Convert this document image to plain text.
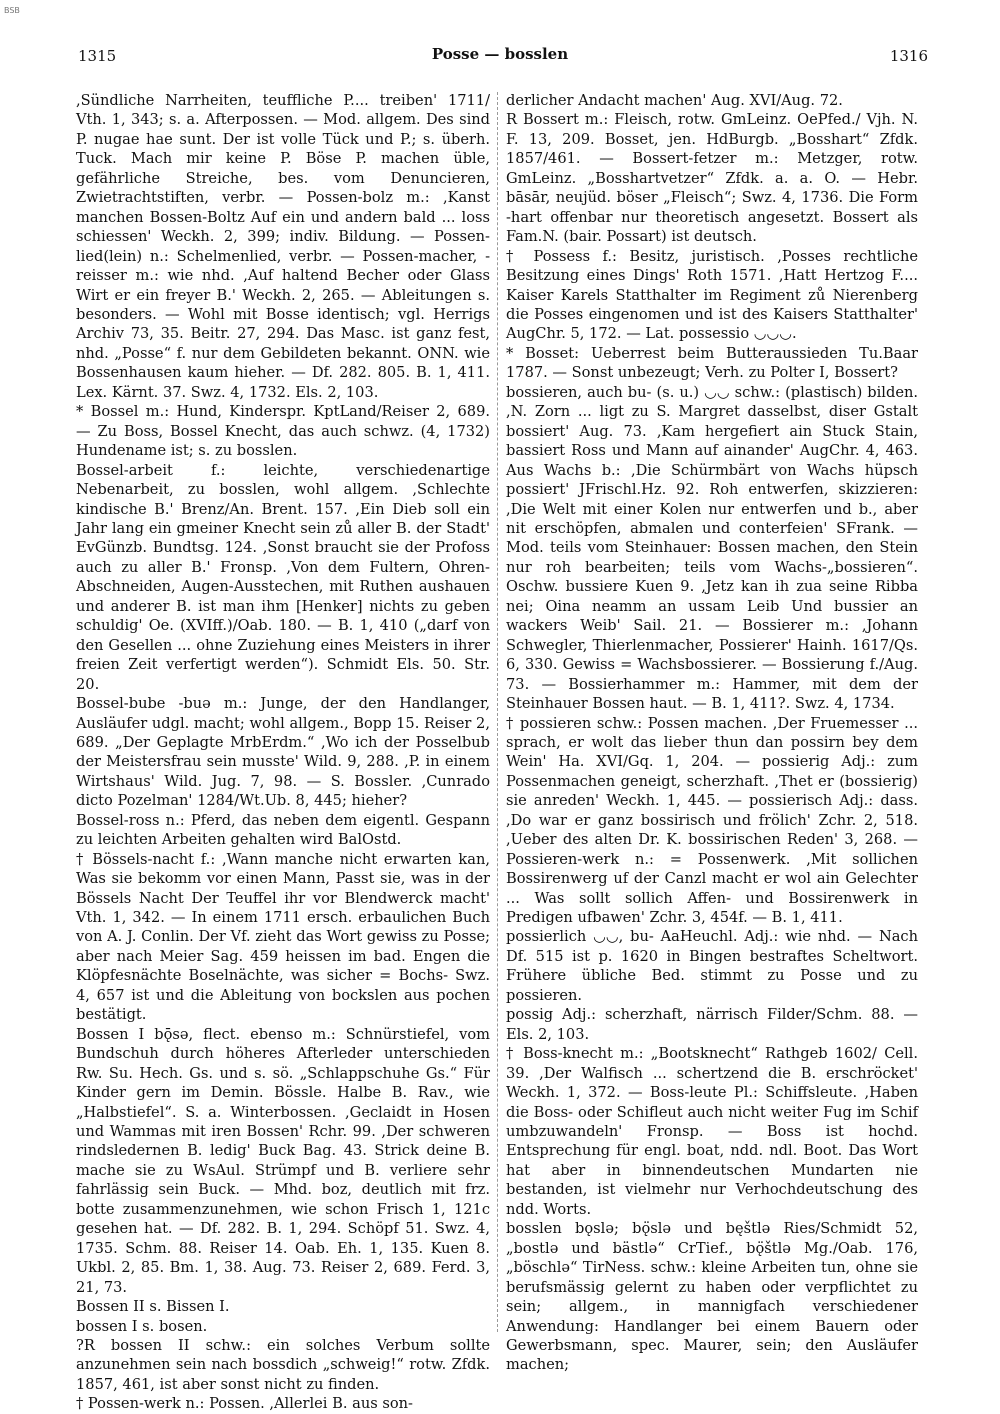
BSB
1315	Posse — bosslen	1316

,Sündliche Narrheiten, teuffliche P.... treiben' 1711/ Vth. 1, 343; s. a. Afterpossen. — Mod. allgem. Des sind P. nugae hae sunt. Der ist volle Tück und P.; s. überh. Tuck. Mach mir keine P. Böse P. machen üble, gefährliche Streiche, bes. vom Denuncieren, Zwietrachtstiften, verbr. — Possen-bolz m.: ,Kanst manchen Bossen-Boltz Auf ein und andern bald ... loss schiessen' Weckh. 2, 399; indiv. Bildung. — Possen-lied(lein) n.: Schelmenlied, verbr. — Possen-macher, -reisser m.: wie nhd. ,Auf haltend Becher oder Glass Wirt er ein freyer B.' Weckh. 2, 265. — Ableitungen s. besonders. — Wohl mit Bosse identisch; vgl. Herrigs Archiv 73, 35. Beitr. 27, 294. Das Masc. ist ganz fest, nhd. „Posse“ f. nur dem Gebildeten bekannt. ONN. wie Bossenhausen kaum hieher. — Df. 282. 805. B. 1, 411. Lex. Kärnt. 37. Swz. 4, 1732. Els. 2, 103.

* Bossel m.: Hund, Kinderspr. KptLand/Reiser 2, 689. — Zu Boss, Bossel Knecht, das auch schwz. (4, 1732) Hundename ist; s. zu bosslen.

Bossel-arbeit f.: leichte, verschiedenartige Nebenarbeit, zu bosslen, wohl allgem. ,Schlechte kindische B.' Brenz/An. Brent. 157. ,Ein Dieb soll ein Jahr lang ein gmeiner Knecht sein zů aller B. der Stadt' EvGünzb. Bundtsg. 124. ,Sonst braucht sie der Profoss auch zu aller B.' Fronsp. ,Von dem Fultern, Ohren-Abschneiden, Augen-Ausstechen, mit Ruthen aushauen und anderer B. ist man ihm [Henker] nichts zu geben schuldig' Oe. (XVIff.)/Oab. 180. — B. 1, 410 („darf von den Gesellen ... ohne Zuziehung eines Meisters in ihrer freien Zeit verfertigt werden“). Schmidt Els. 50. Str. 20.

Bossel-bube -buə m.: Junge, der den Handlanger, Ausläufer udgl. macht; wohl allgem., Bopp 15. Reiser 2, 689. „Der Geplagte MrbErdm.“ ,Wo ich der Posselbub der Meistersfrau sein musste' Wild. 9, 288. ,P. in einem Wirtshaus' Wild. Jug. 7, 98. — S. Bossler. ,Cunrado dicto Pozelman' 1284/Wt.Ub. 8, 445; hieher?

Bossel-ross n.: Pferd, das neben dem eigentl. Gespann zu leichten Arbeiten gehalten wird BalOstd.

† Bössels-nacht f.: ,Wann manche nicht erwarten kan, Was sie bekomm vor einen Mann, Passt sie, was in der Bössels Nacht Der Teuffel ihr vor Blendwerck macht' Vth. 1, 342. — In einem 1711 ersch. erbaulichen Buch von A. J. Conlin. Der Vf. zieht das Wort gewiss zu Posse; aber nach Meier Sag. 459 heissen im bad. Engen die Klöpfesnächte Boselnächte, was sicher = Bochs- Swz. 4, 657 ist und die Ableitung von bockslen aus pochen bestätigt.

Bossen I bǭsə, flect. ebenso m.: Schnürstiefel, vom Bundschuh durch höheres Afterleder unterschieden Rw. Su. Hech. Gs. und s. sö. „Schlappschuhe Gs.“ Für Kinder gern im Demin. Bössle. Halbe B. Rav., wie „Halbstiefel“. S. a. Winterbossen. ,Geclaidt in Hosen und Wammas mit iren Bossen' Rchr. 99. ,Der schweren rindsledernen B. ledig' Buck Bag. 43. Strick deine B. mache sie zu WsAul. Strümpf und B. verliere sehr fahrlässig sein Buck. — Mhd. boz, deutlich mit frz. botte zusammenzunehmen, wie schon Frisch 1, 121c gesehen hat. — Df. 282. B. 1, 294. Schöpf 51. Swz. 4, 1735. Schm. 88. Reiser 14. Oab. Eh. 1, 135. Kuen 8. Ukbl. 2, 85. Bm. 1, 38. Aug. 73. Reiser 2, 689. Ferd. 3, 21, 73.

Bossen II s. Bissen I.

bossen I s. bosen.

?R bossen II schw.: ein solches Verbum sollte anzunehmen sein nach bossdich „schweig!“ rotw. Zfdk. 1857, 461, ist aber sonst nicht zu finden.

† Possen-werk n.: Possen. ,Allerlei B. aus son-

derlicher Andacht machen' Aug. XVI/Aug. 72.

R Bossert m.: Fleisch, rotw. GmLeinz. OePfed./ Vjh. N. F. 13, 209. Bosset, jen. HdBurgb. „Bosshart“ Zfdk. 1857/461. — Bossert-fetzer m.: Metzger, rotw. GmLeinz. „Bosshartvetzer“ Zfdk. a. a. O. — Hebr. bāsār, neujüd. böser „Fleisch“; Swz. 4, 1736. Die Form -hart offenbar nur theoretisch angesetzt. Bossert als Fam.N. (bair. Possart) ist deutsch.

† Possess f.: Besitz, juristisch. ,Posses rechtliche Besitzung eines Dings' Roth 1571. ,Hatt Hertzog F.... Kaiser Karels Statthalter im Regiment zů Nierenberg die Posses eingenomen und ist des Kaisers Statthalter' AugChr. 5, 172. — Lat. possessio ◡◡◡.

* Bosset: Ueberrest beim Butteraussieden Tu.Baar 1787. — Sonst unbezeugt; Verh. zu Polter I, Bossert?

bossieren, auch bu- (s. u.) ◡◡ schw.: (plastisch) bilden. ,N. Zorn ... ligt zu S. Margret dasselbst, diser Gstalt bossiert' Aug. 73. ,Kam hergefiert ain Stuck Stain, bassiert Ross und Mann auf ainander' AugChr. 4, 463. Aus Wachs b.: ,Die Schürmbärt von Wachs hüpsch possiert' JFrischl.Hz. 92. Roh entwerfen, skizzieren: ,Die Welt mit einer Kolen nur entwerfen und b., aber nit erschöpfen, abmalen und conterfeien' SFrank. — Mod. teils vom Steinhauer: Bossen machen, den Stein nur roh bearbeiten; teils vom Wachs-„bossieren“. Oschw. bussiere Kuen 9. ,Jetz kan ih zua seine Ribba nei; Oina neamm an ussam Leib Und bussier an wackers Weib' Sail. 21. — Bossierer m.: ,Johann Schwegler, Thierlenmacher, Possierer' Hainh. 1617/Qs. 6, 330. Gewiss = Wachsbossierer. — Bossierung f./Aug. 73. — Bossierhammer m.: Hammer, mit dem der Steinhauer Bossen haut. — B. 1, 411?. Swz. 4, 1734.

† possieren schw.: Possen machen. ,Der Fruemesser ... sprach, er wolt das lieber thun dan possirn bey dem Wein' Ha. XVI/Gq. 1, 204. — possierig Adj.: zum Possenmachen geneigt, scherzhaft. ,Thet er (bossierig) sie anreden' Weckh. 1, 445. — possierisch Adj.: dass. ,Do war er ganz bossirisch und frölich' Zchr. 2, 518. ,Ueber des alten Dr. K. bossirischen Reden' 3, 268. — Possieren-werk n.: = Possenwerk. ,Mit sollichen Bossirenwerg uf der Canzl macht er wol ain Gelechter ... Was sollt sollich Affen- und Bossirenwerk in Predigen ufbawen' Zchr. 3, 454f. — B. 1, 411.

possierlich ◡◡, bu- AaHeuchl. Adj.: wie nhd. — Nach Df. 515 ist p. 1620 in Bingen bestraftes Scheltwort. Frühere übliche Bed. stimmt zu Posse und zu possieren.

possig Adj.: scherzhaft, närrisch Filder/Schm. 88. — Els. 2, 103.

† Boss-knecht m.: „Bootsknecht“ Rathgeb 1602/ Cell. 39. ,Der Walfisch ... schertzend die B. erschröcket' Weckh. 1, 372. — Boss-leute Pl.: Schiffsleute. ,Haben die Boss- oder Schifleut auch nicht weiter Fug im Schif umbzuwandeln' Fronsp. — Boss ist hochd. Entsprechung für engl. boat, ndd. ndl. Boot. Das Wort hat aber in binnendeutschen Mundarten nie bestanden, ist vielmehr nur Verhochdeutschung des ndd. Worts.

bosslen bǫslə; bǫ̈slə und bęštlə Ries/Schmidt 52, „bostlə und bästlə“ CrTief., bǫ̈štlə Mg./Oab. 176, „böschlə“ TirNess. schw.: kleine Arbeiten tun, ohne sie berufsmässig gelernt zu haben oder verpflichtet zu sein; allgem., in mannigfach verschiedener Anwendung: Handlanger bei einem Bauern oder Gewerbsmann, spec. Maurer, sein; den Ausläufer machen;
